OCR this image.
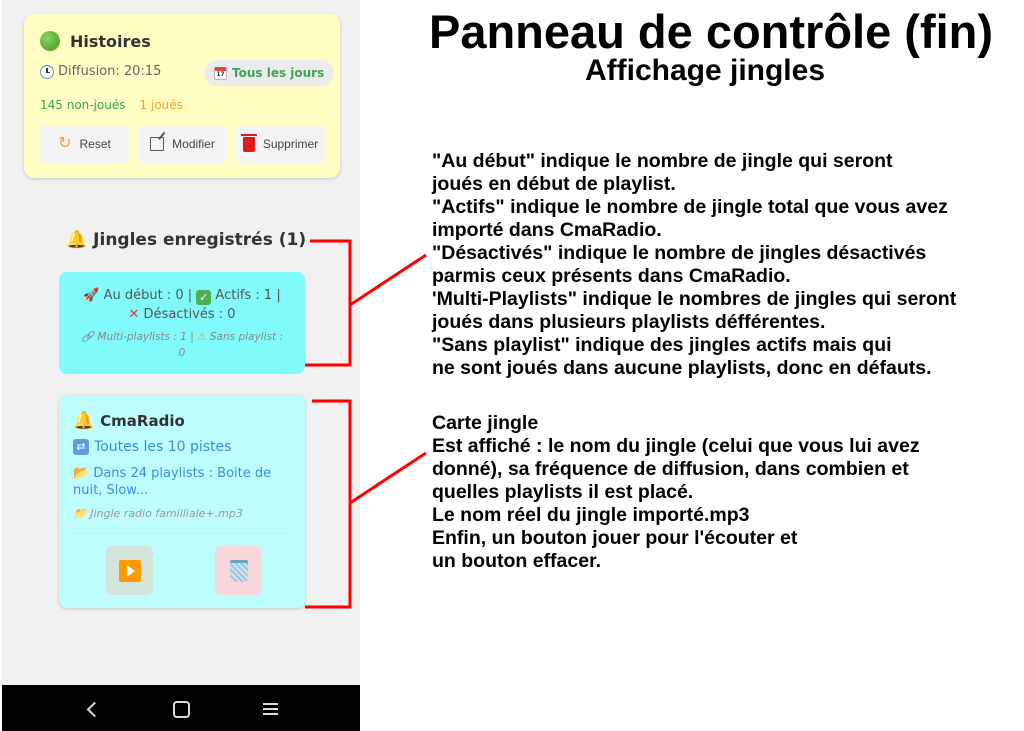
Histoires
Diffusion: 20:15	17 Tous les jours
145 non-joués 1 joués
↻ Reset	Modifier	Supprimer
🔔 Jingles enregistrés (1)
🚀 Au début : 0 | ✓ Actifs : 1 |
✕ Désactivés : 0
🔗 Multi-playlists : 1 | ⚠ Sans playlist : 0
🔔 CmaRadio
⇄ Toutes les 10 pistes
📂 Dans 24 playlists : Boite de nuit, Slow...
📁 Jingle radio familliale+.mp3
Panneau de contrôle (fin)
Affichage jingles
"Au début" indique le nombre de jingle qui seront
joués en début de playlist.
"Actifs" indique le nombre de jingle total que vous avez
importé dans CmaRadio.
"Désactivés" indique le nombre de jingles désactivés
parmis ceux présents dans CmaRadio.
'Multi-Playlists" indique le nombres de jingles qui seront
joués dans plusieurs playlists défférentes.
"Sans playlist" indique des jingles actifs mais qui
ne sont joués dans aucune playlists, donc en défauts.
Carte jingle
Est affiché : le nom du jingle (celui que vous lui avez
donné), sa fréquence de diffusion, dans combien et
quelles playlists il est placé.
Le nom réel du jingle importé.mp3
Enfin, un bouton jouer pour l'écouter et
un bouton effacer.
